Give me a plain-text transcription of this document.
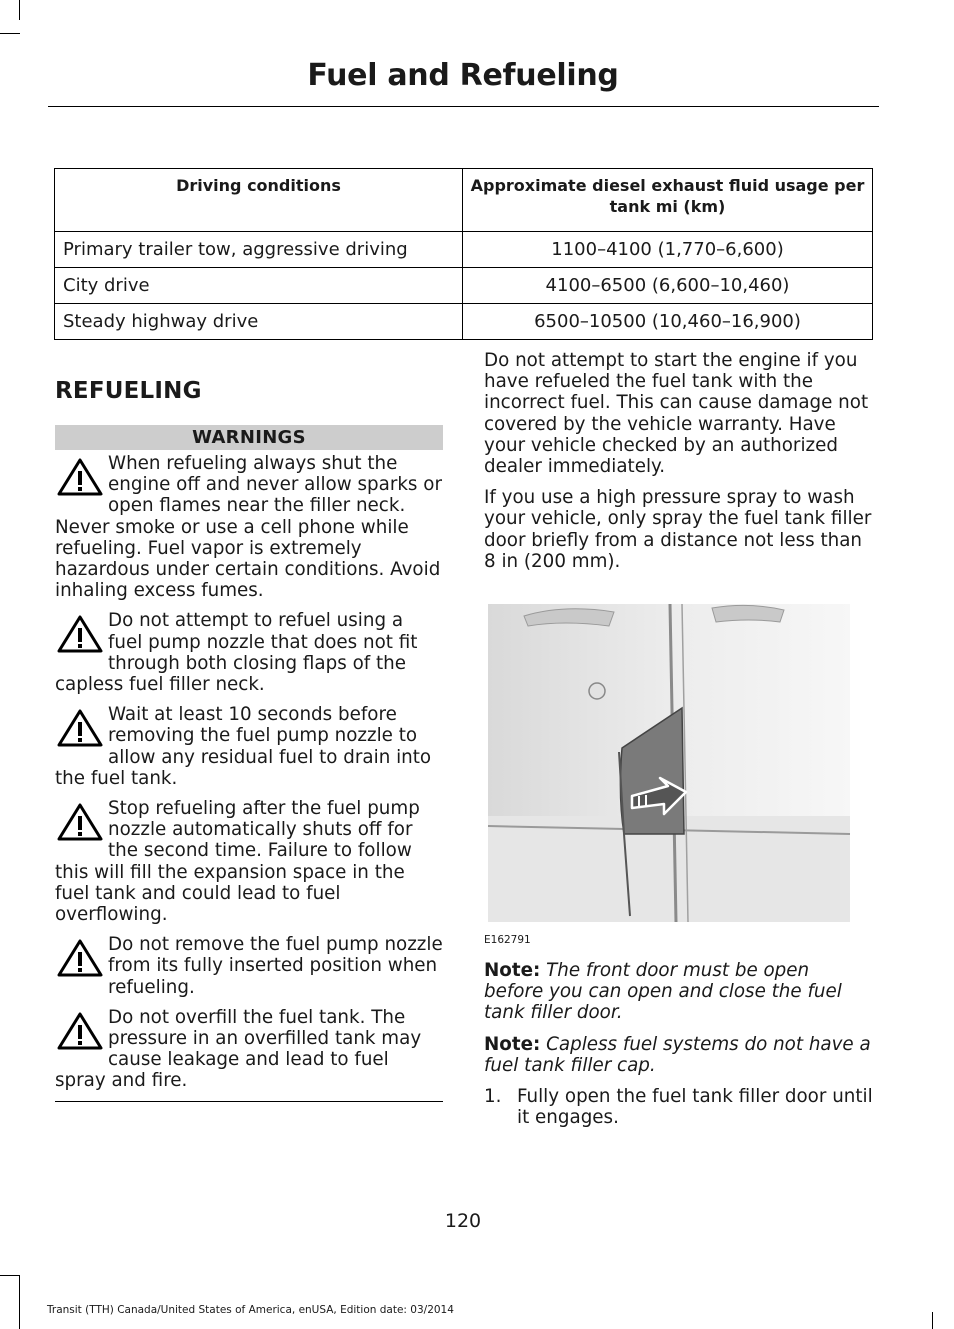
Fuel and Refueling
Driving conditions	Approximate diesel exhaust fluid usage per tank mi (km)
Primary trailer tow, aggressive driving	1100–4100 (1,770–6,600)
City drive	4100–6500 (6,600–10,460)
Steady highway drive	6500–10500 (10,460–16,900)
REFUELING
WARNINGS
When refueling always shut the engine off and never allow sparks or open flames near the filler neck. Never smoke or use a cell phone while refueling. Fuel vapor is extremely hazardous under certain conditions. Avoid inhaling excess fumes.
Do not attempt to refuel using a fuel pump nozzle that does not fit through both closing flaps of the capless fuel filler neck.
Wait at least 10 seconds before removing the fuel pump nozzle to allow any residual fuel to drain into the fuel tank.
Stop refueling after the fuel pump nozzle automatically shuts off for the second time. Failure to follow this will fill the expansion space in the fuel tank and could lead to fuel overflowing.
Do not remove the fuel pump nozzle from its fully inserted position when refueling.
Do not overfill the fuel tank. The pressure in an overfilled tank may cause leakage and lead to fuel spray and fire.

Do not attempt to start the engine if you have refueled the fuel tank with the incorrect fuel. This can cause damage not covered by the vehicle warranty. Have your vehicle checked by an authorized dealer immediately.

If you use a high pressure spray to wash your vehicle, only spray the fuel tank filler door briefly from a distance not less than 8 in (200 mm).

E162791

Note: The front door must be open before you can open and close the fuel tank filler door.

Note: Capless fuel systems do not have a fuel tank filler cap.

1. Fully open the fuel tank filler door until it engages.
120
Transit (TTH) Canada/United States of America, enUSA, Edition date: 03/2014
